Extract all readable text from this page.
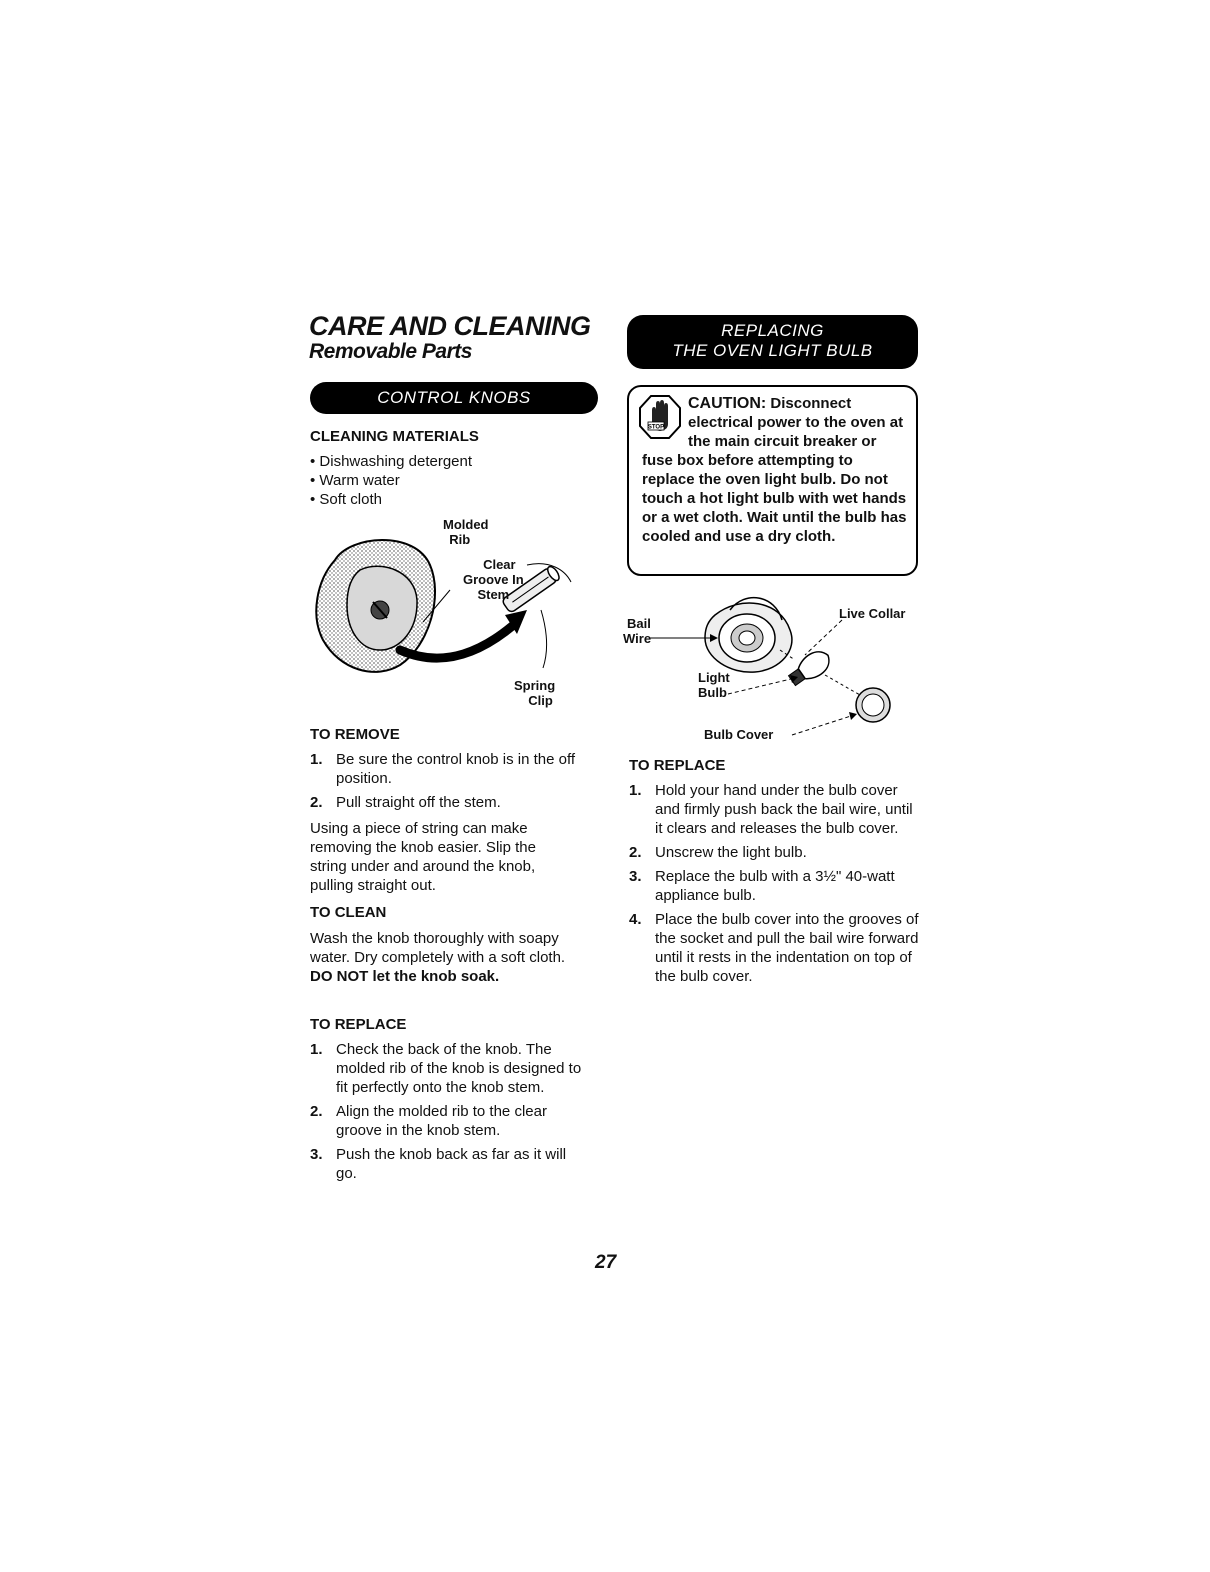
CARE AND CLEANING
Removable Parts
CONTROL KNOBS
CLEANING MATERIALS
• Dishwashing detergent
• Warm water
• Soft cloth
Molded
Rib
Clear
Groove In
Stem
Spring
Clip
TO REMOVE
1. Be sure the control knob is in the off position.
2. Pull straight off the stem.
Using a piece of string can make removing the knob easier. Slip the string under and around the knob, pulling straight out.
TO CLEAN
Wash the knob thoroughly with soapy water. Dry completely with a soft cloth. DO NOT let the knob soak.
TO REPLACE
1. Check the back of the knob. The molded rib of the knob is designed to fit perfectly onto the knob stem.
2. Align the molded rib to the clear groove in the knob stem.
3. Push the knob back as far as it will go.
REPLACING
THE OVEN LIGHT BULB
STOP
CAUTION: Disconnect electrical power to the oven at the main circuit breaker or fuse box before attempting to replace the oven light bulb. Do not touch a hot light bulb with wet hands or a wet cloth. Wait until the bulb has cooled and use a dry cloth.
Bail
Wire
Live Collar
Light
Bulb
Bulb Cover
TO REPLACE
1. Hold your hand under the bulb cover and firmly push back the bail wire, until it clears and releases the bulb cover.
2. Unscrew the light bulb.
3. Replace the bulb with a 3½" 40-watt appliance bulb.
4. Place the bulb cover into the grooves of the socket and pull the bail wire forward until it rests in the indentation on top of the bulb cover.
27
